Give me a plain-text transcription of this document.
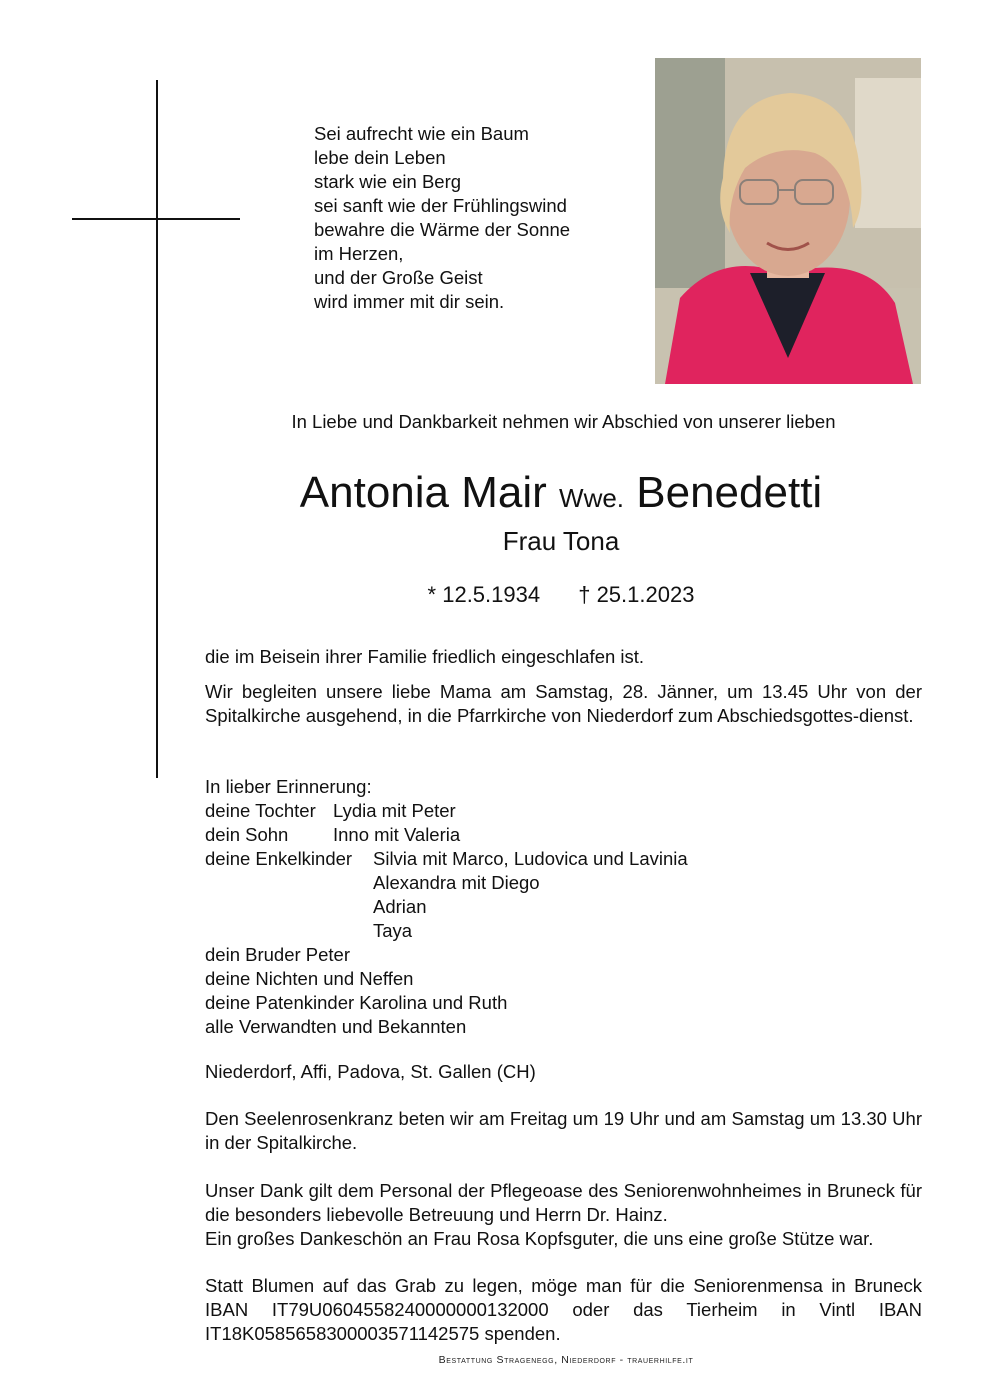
Sei aufrecht wie ein Baum
lebe dein Leben
stark wie ein Berg
sei sanft wie der Frühlingswind
bewahre die Wärme der Sonne
im Herzen,
und der Große Geist
wird immer mit dir sein.
In Liebe und Dankbarkeit nehmen wir Abschied von unserer lieben
Antonia Mair Wwe. Benedetti
Frau Tona
* 12.5.1934 † 25.1.2023
die im Beisein ihrer Familie friedlich eingeschlafen ist.
Wir begleiten unsere liebe Mama am Samstag, 28. Jänner, um 13.45 Uhr von der Spitalkirche ausgehend, in die Pfarrkirche von Niederdorf zum Abschiedsgottes-dienst.
In lieber Erinnerung:
deine Tochter Lydia mit Peter
dein Sohn	Inno mit Valeria
deine Enkelkinder	Silvia mit Marco, Ludovica und Lavinia
Alexandra mit Diego
Adrian
Taya
dein Bruder Peter
deine Nichten und Neffen
deine Patenkinder Karolina und Ruth
alle Verwandten und Bekannten
Niederdorf, Affi, Padova, St. Gallen (CH)
Den Seelenrosenkranz beten wir am Freitag um 19 Uhr und am Samstag um 13.30 Uhr in der Spitalkirche.
Unser Dank gilt dem Personal der Pflegeoase des Seniorenwohnheimes in Bruneck für die besonders liebevolle Betreuung und Herrn Dr. Hainz.
Ein großes Dankeschön an Frau Rosa Kopfsguter, die uns eine große Stütze war.
Statt Blumen auf das Grab zu legen, möge man für die Seniorenmensa in Bruneck IBAN IT79U0604558240000000132000 oder das Tierheim in Vintl IBAN IT18K0585658300003571142575 spenden.
Bestattung Stragenegg, Niederdorf - trauerhilfe.it
